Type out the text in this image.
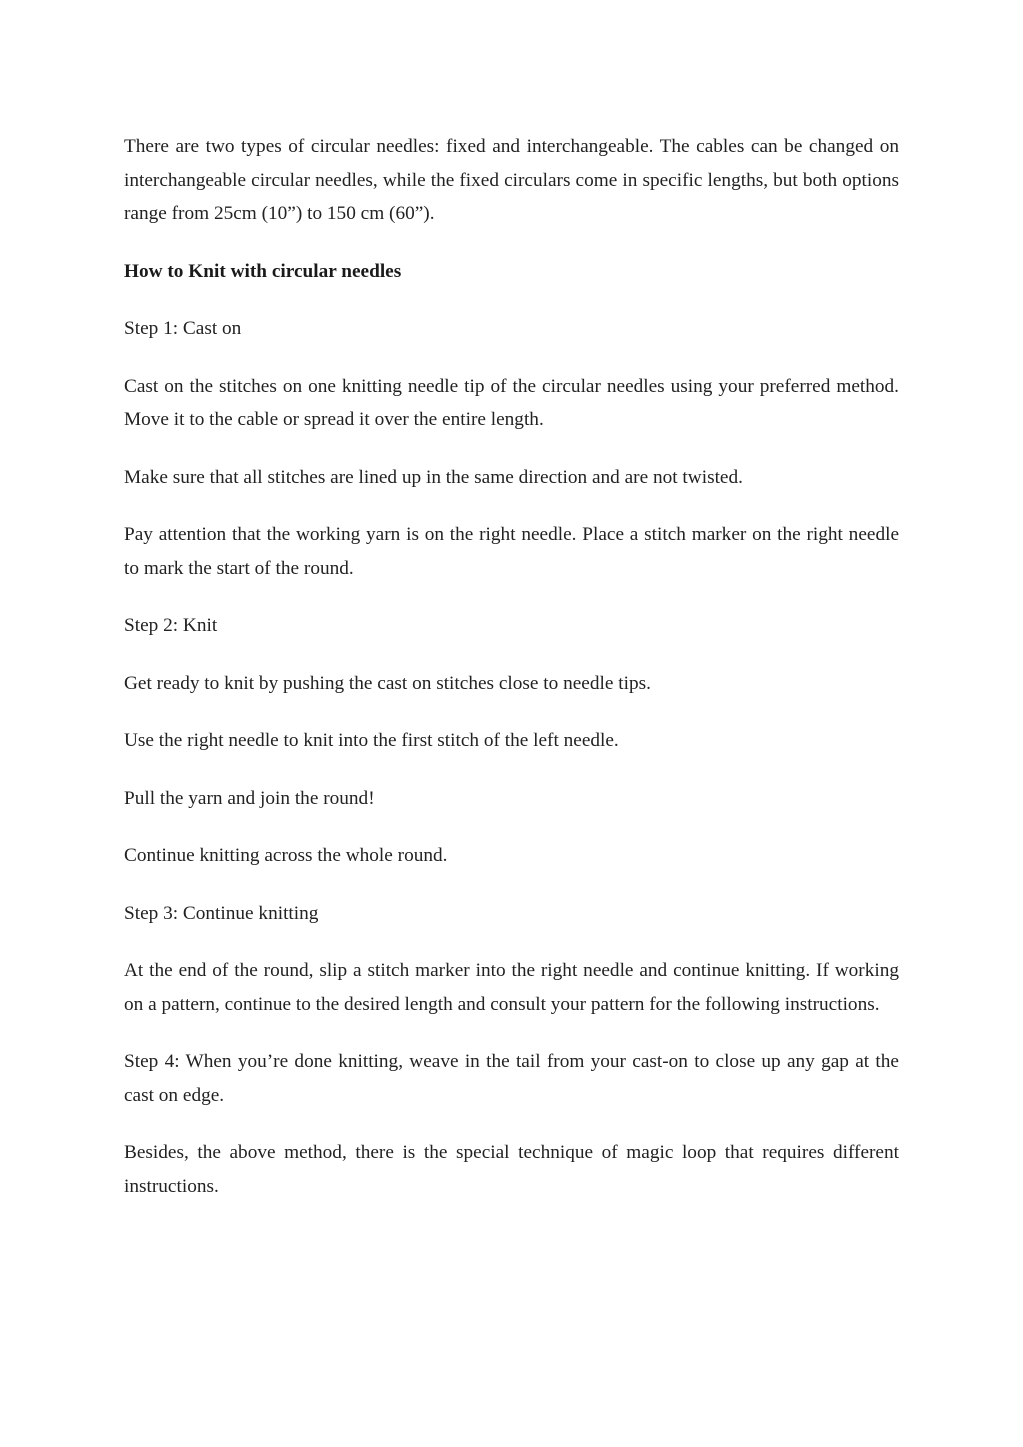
There are two types of circular needles: fixed and interchangeable. The cables can be changed on interchangeable circular needles, while the fixed circulars come in specific lengths, but both options range from 25cm (10”) to 150 cm (60”).

How to Knit with circular needles

Step 1: Cast on

Cast on the stitches on one knitting needle tip of the circular needles using your preferred method. Move it to the cable or spread it over the entire length.

Make sure that all stitches are lined up in the same direction and are not twisted.

Pay attention that the working yarn is on the right needle. Place a stitch marker on the right needle to mark the start of the round.

Step 2: Knit

Get ready to knit by pushing the cast on stitches close to needle tips.

Use the right needle to knit into the first stitch of the left needle.

Pull the yarn and join the round!

Continue knitting across the whole round.

Step 3: Continue knitting

At the end of the round, slip a stitch marker into the right needle and continue knitting. If working on a pattern, continue to the desired length and consult your pattern for the following instructions.

Step 4: When you’re done knitting, weave in the tail from your cast-on to close up any gap at the cast on edge.

Besides, the above method, there is the special technique of magic loop that requires different instructions.
